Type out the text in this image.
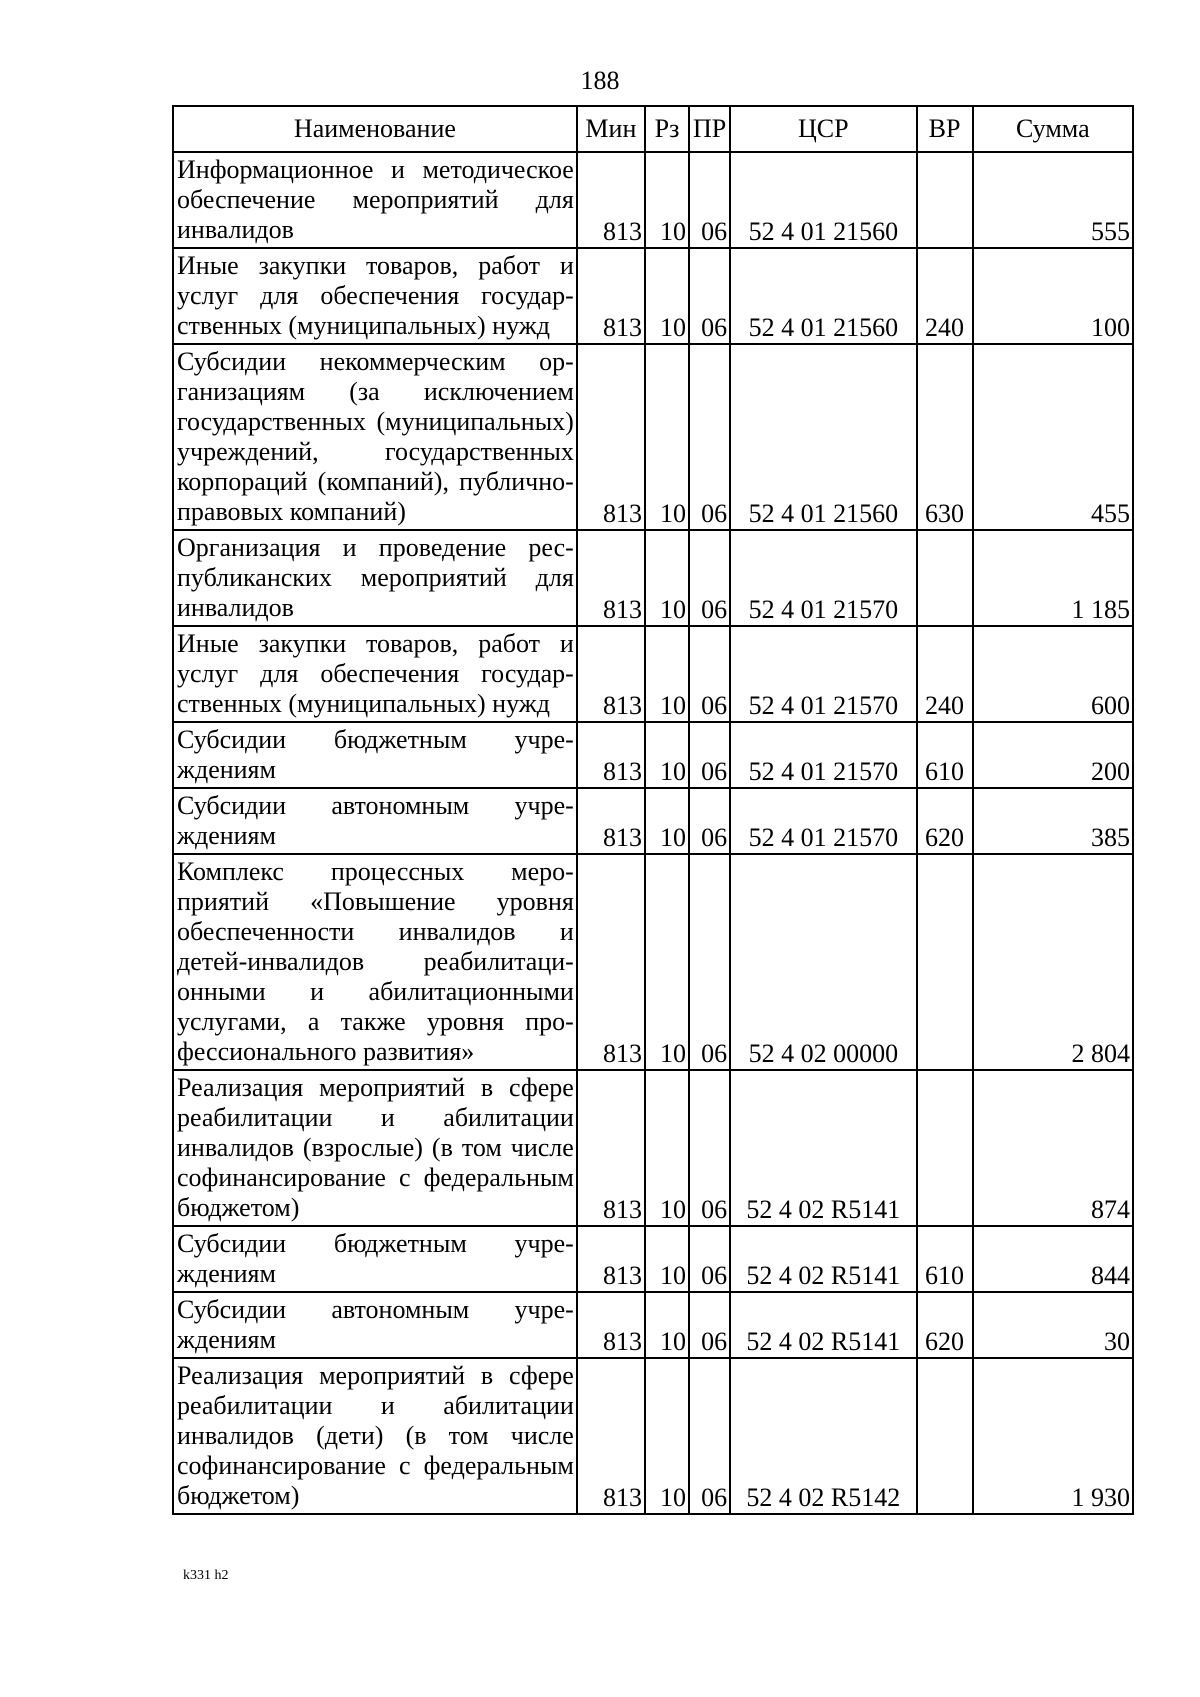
188
Наименование	Мин	Рз	ПР	ЦСР	ВР	Сумма
Информационное и методическое обеспечение мероприятий для инвалидов	813	10	06	52 4 01 21560		555
Иные закупки товаров, работ и услуг для обеспечения государственных (муниципальных) нужд	813	10	06	52 4 01 21560	240	100
Субсидии некоммерческим организациям (за исключением государственных (муниципальных) учреждений, государственных корпораций (компаний), публично-правовых компаний)	813	10	06	52 4 01 21560	630	455
Организация и проведение республиканских мероприятий для инвалидов	813	10	06	52 4 01 21570		1 185
Иные закупки товаров, работ и услуг для обеспечения государственных (муниципальных) нужд	813	10	06	52 4 01 21570	240	600
Субсидии бюджетным учреждениям	813	10	06	52 4 01 21570	610	200
Субсидии автономным учреждениям	813	10	06	52 4 01 21570	620	385
Комплекс процессных мероприятий «Повышение уровня обеспеченности инвалидов и детей-инвалидов реабилитационными и абилитационными услугами, а также уровня профессионального развития»	813	10	06	52 4 02 00000		2 804
Реализация мероприятий в сфере реабилитации и абилитации инвалидов (взрослые) (в том числе софинансирование с федеральным бюджетом)	813	10	06	52 4 02 R5141		874
Субсидии бюджетным учреждениям	813	10	06	52 4 02 R5141	610	844
Субсидии автономным учреждениям	813	10	06	52 4 02 R5141	620	30
Реализация мероприятий в сфере реабилитации и абилитации инвалидов (дети) (в том числе софинансирование с федеральным бюджетом)	813	10	06	52 4 02 R5142		1 930
k331 h2
